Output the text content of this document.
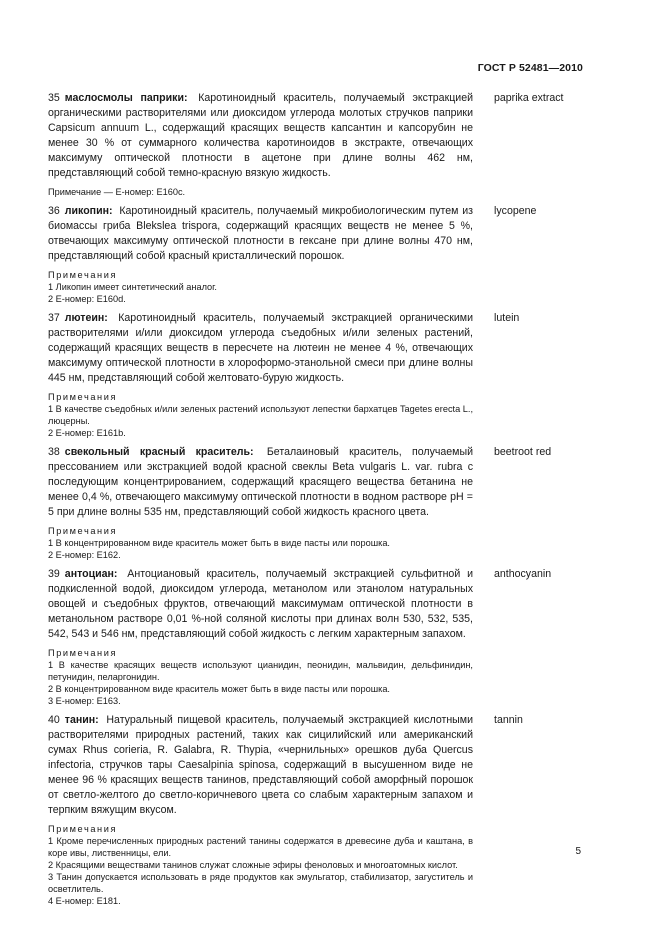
ГОСТ Р 52481—2010
35 маслосмолы паприки: Каротиноидный краситель, получаемый экстракцией органическими растворителями или диоксидом углерода молотых стручков паприки Capsicum annuum L., содержащий красящих веществ капсантин и капсорубин не менее 30 % от суммарного количества каротиноидов в экстракте, отвечающих максимуму оптической плотности в ацетоне при длине волны 462 нм, представляющий собой темно-красную вязкую жидкость.
paprika extract
Примечание — Е-номер: Е160с.
36 ликопин: Каротиноидный краситель, получаемый микробиологическим путем из биомассы гриба Blekslea trispora, содержащий красящих веществ не менее 5 %, отвечающих максимуму оптической плотности в гексане при длине волны 470 нм, представляющий собой красный кристаллический порошок.
lycopene
Примечания
1 Ликопин имеет синтетический аналог.
2 Е-номер: Е160d.
37 лютеин: Каротиноидный краситель, получаемый экстракцией органическими растворителями и/или диоксидом углерода съедобных и/или зеленых растений, содержащий красящих веществ в пересчете на лютеин не менее 4 %, отвечающих максимуму оптической плотности в хлороформо-этанольной смеси при длине волны 445 нм, представляющий собой желтовато-бурую жидкость.
lutein
Примечания
1 В качестве съедобных и/или зеленых растений используют лепестки бархатцев Tagetes erecta L., люцерны.
2 Е-номер: Е161b.
38 свекольный красный краситель: Беталаиновый краситель, получаемый прессованием или экстракцией водой красной свеклы Beta vulgaris L. var. rubra с последующим концентрированием, содержащий красящего вещества бетанина не менее 0,4 %, отвечающего максимуму оптической плотности в водном растворе рН = 5 при длине волны 535 нм, представляющий собой жидкость красного цвета.
beetroot red
Примечания
1 В концентрированном виде краситель может быть в виде пасты или порошка.
2 Е-номер: Е162.
39 антоциан: Антоциановый краситель, получаемый экстракцией сульфитной и подкисленной водой, диоксидом углерода, метанолом или этанолом натуральных овощей и съедобных фруктов, отвечающий максимумам оптической плотности в метанольном растворе 0,01 %-ной соляной кислоты при длинах волн 530, 532, 535, 542, 543 и 546 нм, представляющий собой жидкость с легким характерным запахом.
anthocyanin
Примечания
1 В качестве красящих веществ используют цианидин, пеонидин, мальвидин, дельфинидин, петунидин, пеларгонидин.
2 В концентрированном виде краситель может быть в виде пасты или порошка.
3 Е-номер: Е163.
40 танин: Натуральный пищевой краситель, получаемый экстракцией кислотными растворителями природных растений, таких как сицилийский или американский сумах Rhus corieria, R. Galabra, R. Thypia, «чернильных» орешков дуба Quercus infectoria, стручков тары Caesalpinia spinosa, содержащий в высушенном виде не менее 96 % красящих веществ танинов, представляющий собой аморфный порошок от светло-желтого до светло-коричневого цвета со слабым характерным запахом и терпким вяжущим вкусом.
tannin
Примечания
1 Кроме перечисленных природных растений танины содержатся в древесине дуба и каштана, в коре ивы, лиственницы, ели.
2 Красящими веществами танинов служат сложные эфиры феноловых и многоатомных кислот.
3 Танин допускается использовать в ряде продуктов как эмульгатор, стабилизатор, загуститель и осветлитель.
4 Е-номер: Е181.
5
